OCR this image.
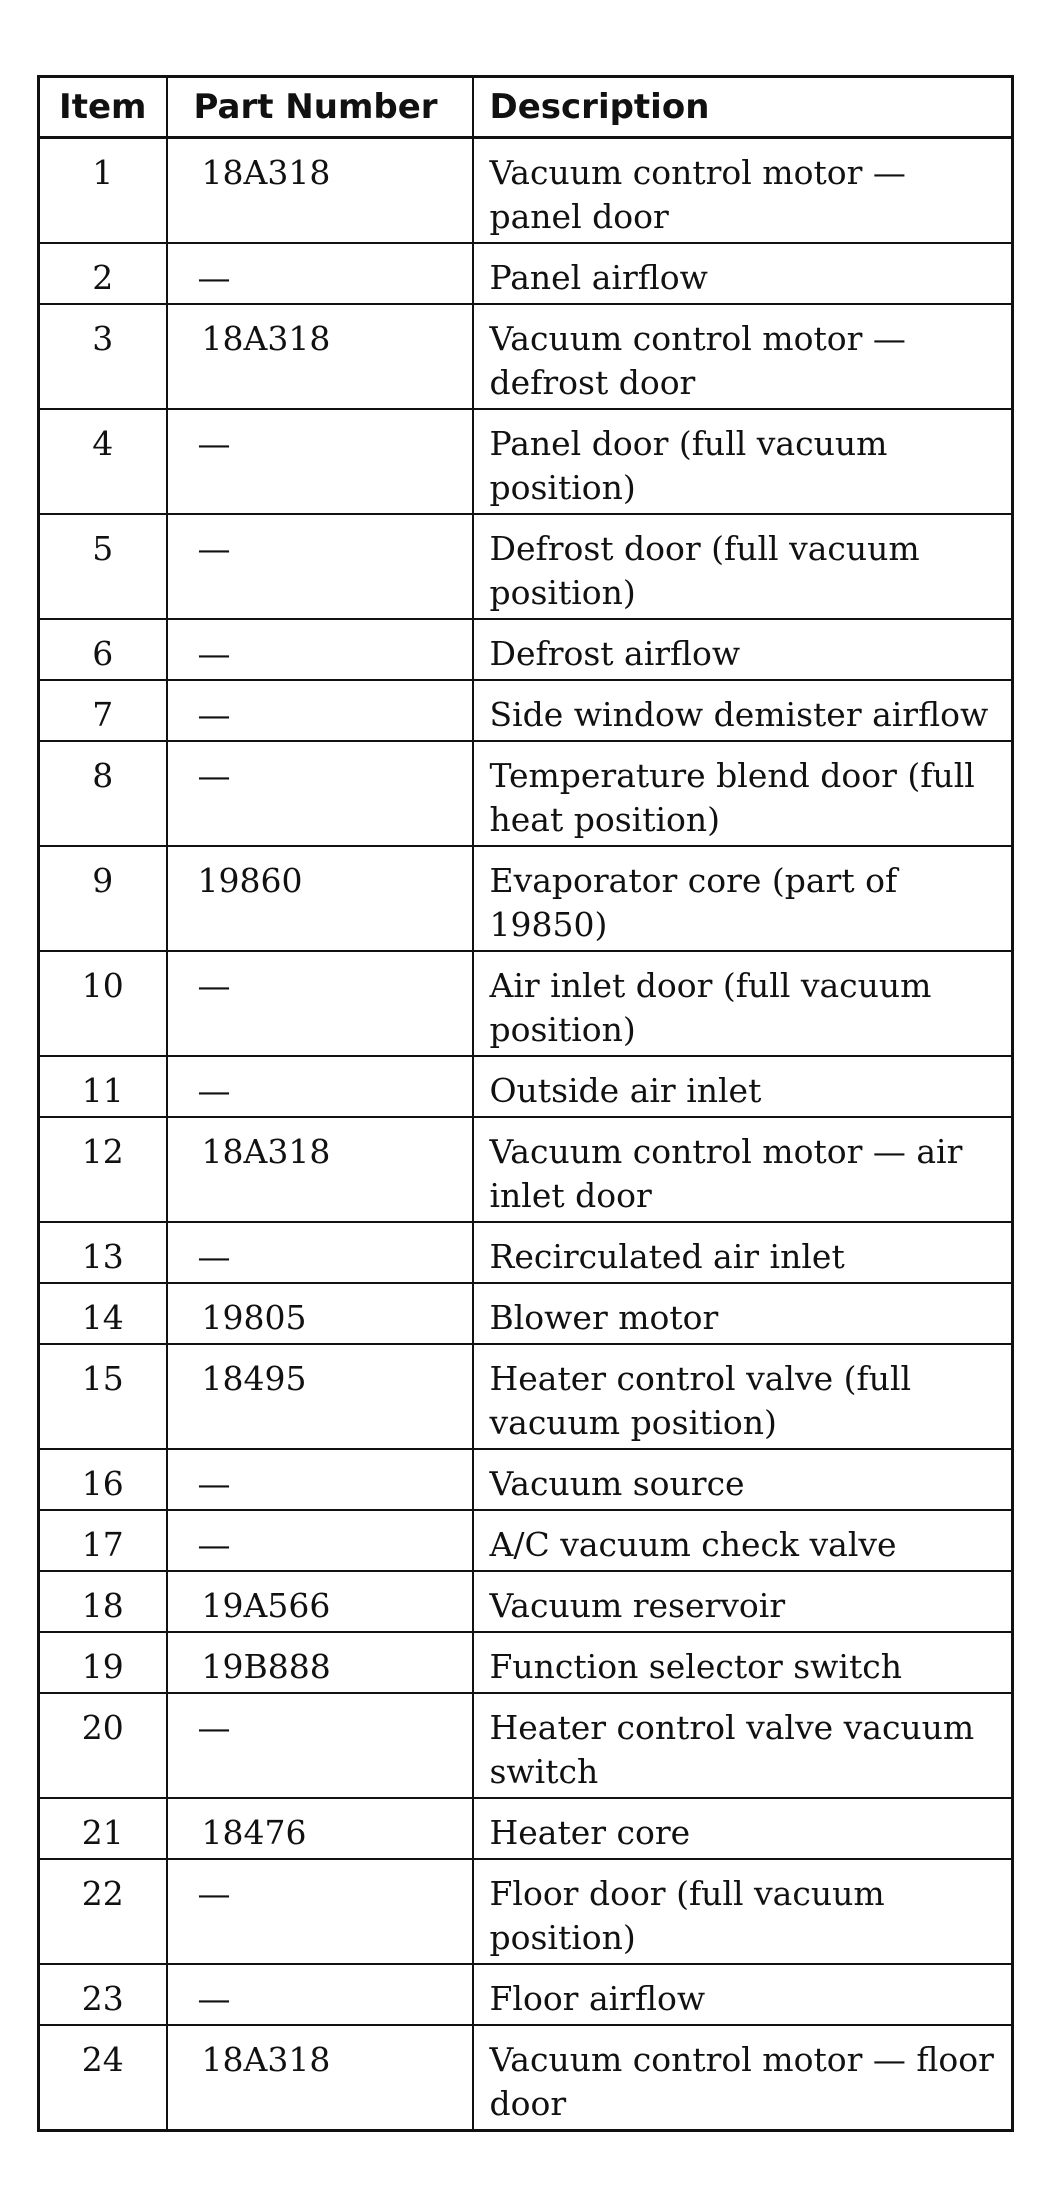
Item	Part Number	Description
1	18A318	Vacuum control motor — panel door
2	—	Panel airflow
3	18A318	Vacuum control motor — defrost door
4	—	Panel door (full vacuum position)
5	—	Defrost door (full vacuum position)
6	—	Defrost airflow
7	—	Side window demister airflow
8	—	Temperature blend door (full heat position)
9	19860	Evaporator core (part of 19850)
10	—	Air inlet door (full vacuum position)
11	—	Outside air inlet
12	18A318	Vacuum control motor — air inlet door
13	—	Recirculated air inlet
14	19805	Blower motor
15	18495	Heater control valve (full vacuum position)
16	—	Vacuum source
17	—	A/C vacuum check valve
18	19A566	Vacuum reservoir
19	19B888	Function selector switch
20	—	Heater control valve vacuum switch
21	18476	Heater core
22	—	Floor door (full vacuum position)
23	—	Floor airflow
24	18A318	Vacuum control motor — floor door
